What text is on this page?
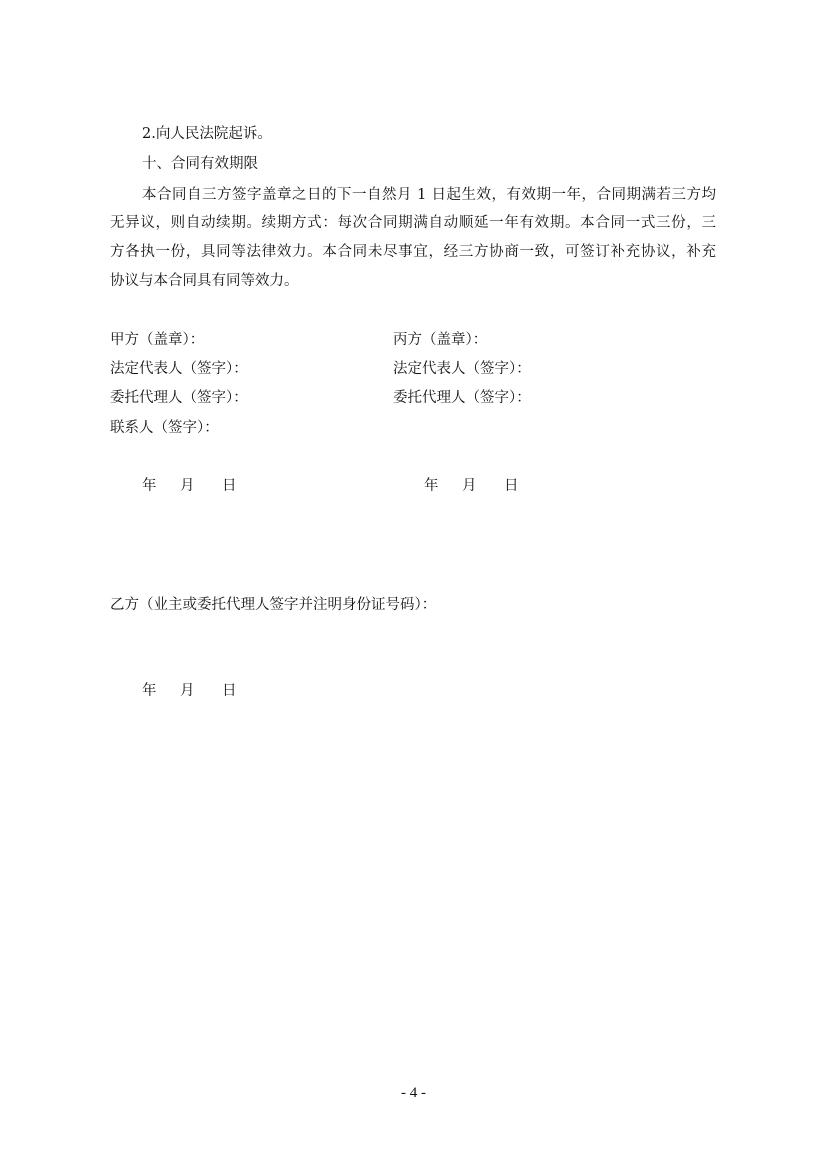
2.向人民法院起诉。
十、合同有效期限
本合同自三方签字盖章之日的下一自然月 1 日起生效，有效期一年，合同期满若三方均
无异议，则自动续期。续期方式：每次合同期满自动顺延一年有效期。本合同一式三份，三
方各执一份，具同等法律效力。本合同未尽事宜，经三方协商一致，可签订补充协议，补充
协议与本合同具有同等效力。
甲方（盖章）：
法定代表人（签字）：
委托代理人（签字）：
联系人（签字）：
丙方（盖章）：
法定代表人（签字）：
委托代理人（签字）：
年 月 日	年 月 日
乙方（业主或委托代理人签字并注明身份证号码）：
年 月 日
- 4 -
